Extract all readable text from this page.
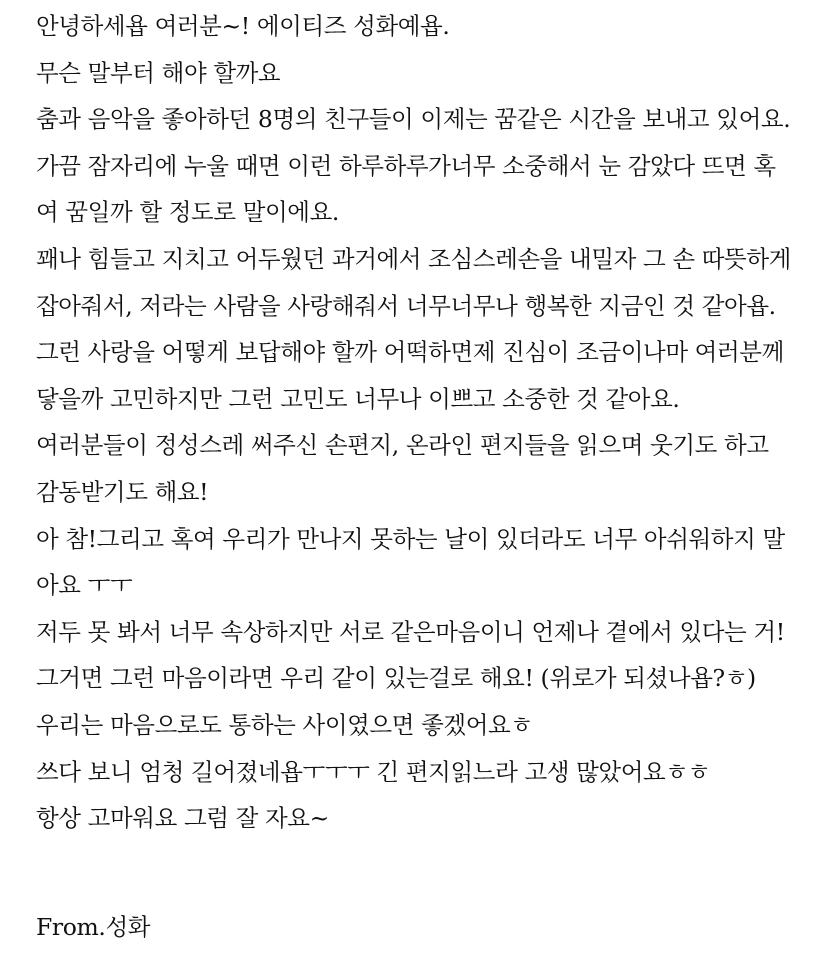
안녕하세욥 여러분~! 에이티즈 성화예욥.
무슨 말부터 해야 할까요
춤과 음악을 좋아하던 8명의 친구들이 이제는 꿈같은 시간을 보내고 있어요.
가끔 잠자리에 누울 때면 이런 하루하루가너무 소중해서 눈 감았다 뜨면 혹
여 꿈일까 할 정도로 말이에요.
꽤나 힘들고 지치고 어두웠던 과거에서 조심스레손을 내밀자 그 손 따뜻하게
잡아줘서, 저라는 사람을 사랑해줘서 너무너무나 행복한 지금인 것 같아욥.
그런 사랑을 어떻게 보답해야 할까 어떡하면제 진심이 조금이나마 여러분께
닿을까 고민하지만 그런 고민도 너무나 이쁘고 소중한 것 같아요.
여러분들이 정성스레 써주신 손편지, 온라인 편지들을 읽으며 웃기도 하고
감동받기도 해요!
아 참!그리고 혹여 우리가 만나지 못하는 날이 있더라도 너무 아쉬워하지 말
아요 ㅜㅜ
저두 못 봐서 너무 속상하지만 서로 같은마음이니 언제나 곁에서 있다는 거!
그거면 그런 마음이라면 우리 같이 있는걸로 해요! (위로가 되셨나욥?ㅎ)
우리는 마음으로도 통하는 사이였으면 좋겠어요ㅎ
쓰다 보니 엄청 길어졌네욥ㅜㅜㅜ 긴 편지읽느라 고생 많았어요ㅎㅎ
항상 고마워요 그럼 잘 자요~
From.성화
